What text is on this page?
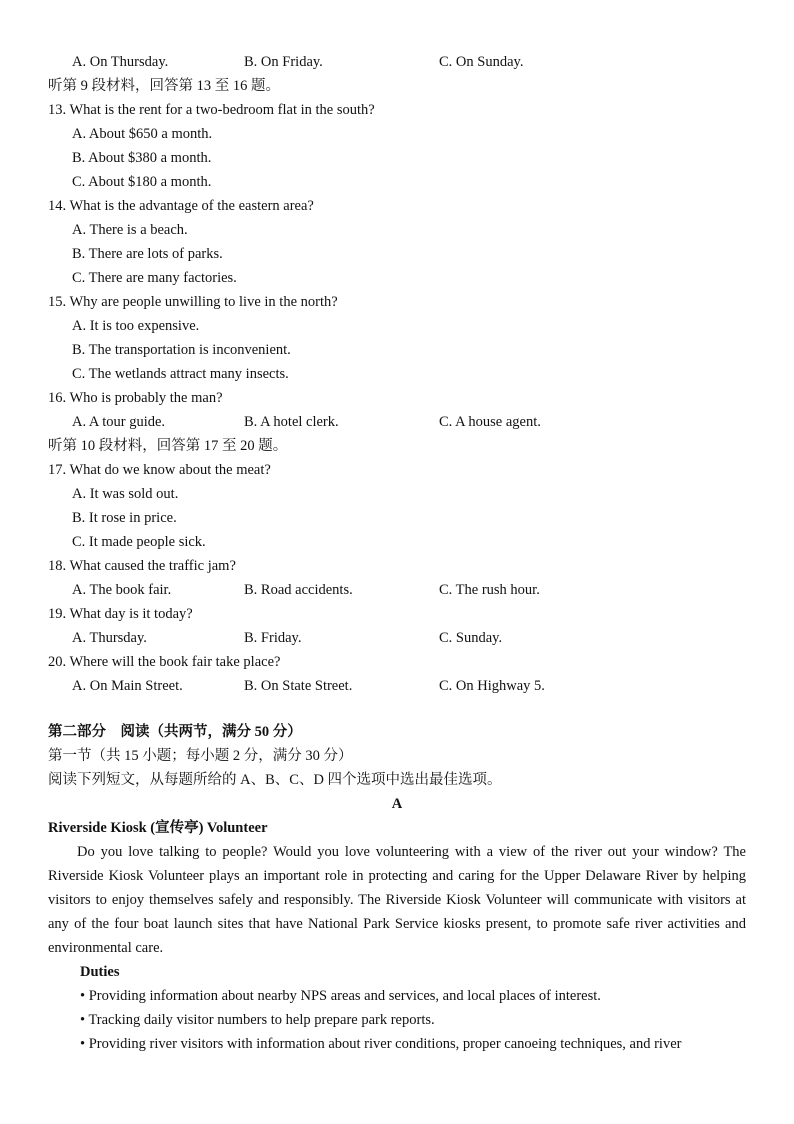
A. On Thursday.	B. On Friday.	C. On Sunday.
听第 9 段材料，回答第 13 至 16 题。
13. What is the rent for a two-bedroom flat in the south?
A. About $650 a month.
B. About $380 a month.
C. About $180 a month.
14. What is the advantage of the eastern area?
A. There is a beach.
B. There are lots of parks.
C. There are many factories.
15. Why are people unwilling to live in the north?
A. It is too expensive.
B. The transportation is inconvenient.
C. The wetlands attract many insects.
16. Who is probably the man?
A. A tour guide.	B. A hotel clerk.	C. A house agent.
听第 10 段材料，回答第 17 至 20 题。
17. What do we know about the meat?
A. It was sold out.
B. It rose in price.
C. It made people sick.
18. What caused the traffic jam?
A. The book fair.	B. Road accidents.	C. The rush hour.
19. What day is it today?
A. Thursday.	B. Friday.	C. Sunday.
20. Where will the book fair take place?
A. On Main Street.	B. On State Street.	C. On Highway 5.
第二部分　阅读（共两节，满分 50 分）
第一节（共 15 小题；每小题 2 分，满分 30 分）
阅读下列短文，从每题所给的 A、B、C、D 四个选项中选出最佳选项。
A
Riverside Kiosk (宣传亭) Volunteer
Do you love talking to people? Would you love volunteering with a view of the river out your window? The Riverside Kiosk Volunteer plays an important role in protecting and caring for the Upper Delaware River by helping visitors to enjoy themselves safely and responsibly. The Riverside Kiosk Volunteer will communicate with visitors at any of the four boat launch sites that have National Park Service kiosks present, to promote safe river activities and environmental care.
Duties
• Providing information about nearby NPS areas and services, and local places of interest.
• Tracking daily visitor numbers to help prepare park reports.
• Providing river visitors with information about river conditions, proper canoeing techniques, and river
